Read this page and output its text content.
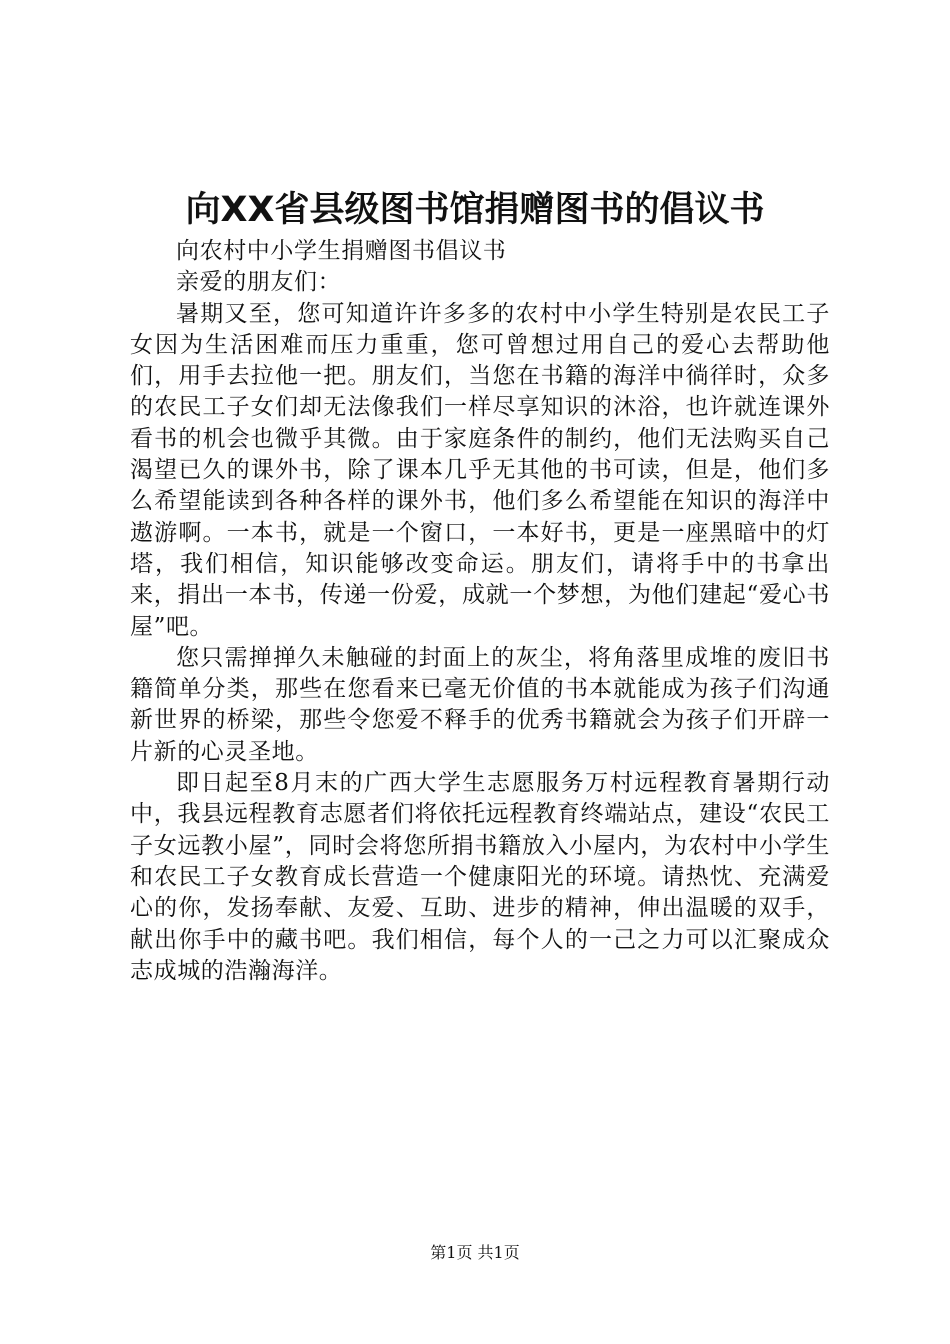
向XX省县级图书馆捐赠图书的倡议书

向农村中小学生捐赠图书倡议书

亲爱的朋友们：

暑期又至，您可知道许许多多的农村中小学生特别是农民工子女因为生活困难而压力重重，您可曾想过用自己的爱心去帮助他们，用手去拉他一把。朋友们，当您在书籍的海洋中徜徉时，众多的农民工子女们却无法像我们一样尽享知识的沐浴，也许就连课外看书的机会也微乎其微。由于家庭条件的制约，他们无法购买自己渴望已久的课外书，除了课本几乎无其他的书可读，但是，他们多么希望能读到各种各样的课外书，他们多么希望能在知识的海洋中遨游啊。一本书，就是一个窗口，一本好书，更是一座黑暗中的灯塔，我们相信，知识能够改变命运。朋友们，请将手中的书拿出来，捐出一本书，传递一份爱，成就一个梦想，为他们建起“爱心书屋”吧。

您只需掸掸久未触碰的封面上的灰尘，将角落里成堆的废旧书籍简单分类，那些在您看来已毫无价值的书本就能成为孩子们沟通新世界的桥梁，那些令您爱不释手的优秀书籍就会为孩子们开辟一片新的心灵圣地。

即日起至8月末的广西大学生志愿服务万村远程教育暑期行动中，我县远程教育志愿者们将依托远程教育终端站点，建设“农民工子女远教小屋”，同时会将您所捐书籍放入小屋内，为农村中小学生和农民工子女教育成长营造一个健康阳光的环境。请热忱、充满爱心的你，发扬奉献、友爱、互助、进步的精神，伸出温暖的双手，献出你手中的藏书吧。我们相信，每个人的一己之力可以汇聚成众志成城的浩瀚海洋。

第1页 共1页
